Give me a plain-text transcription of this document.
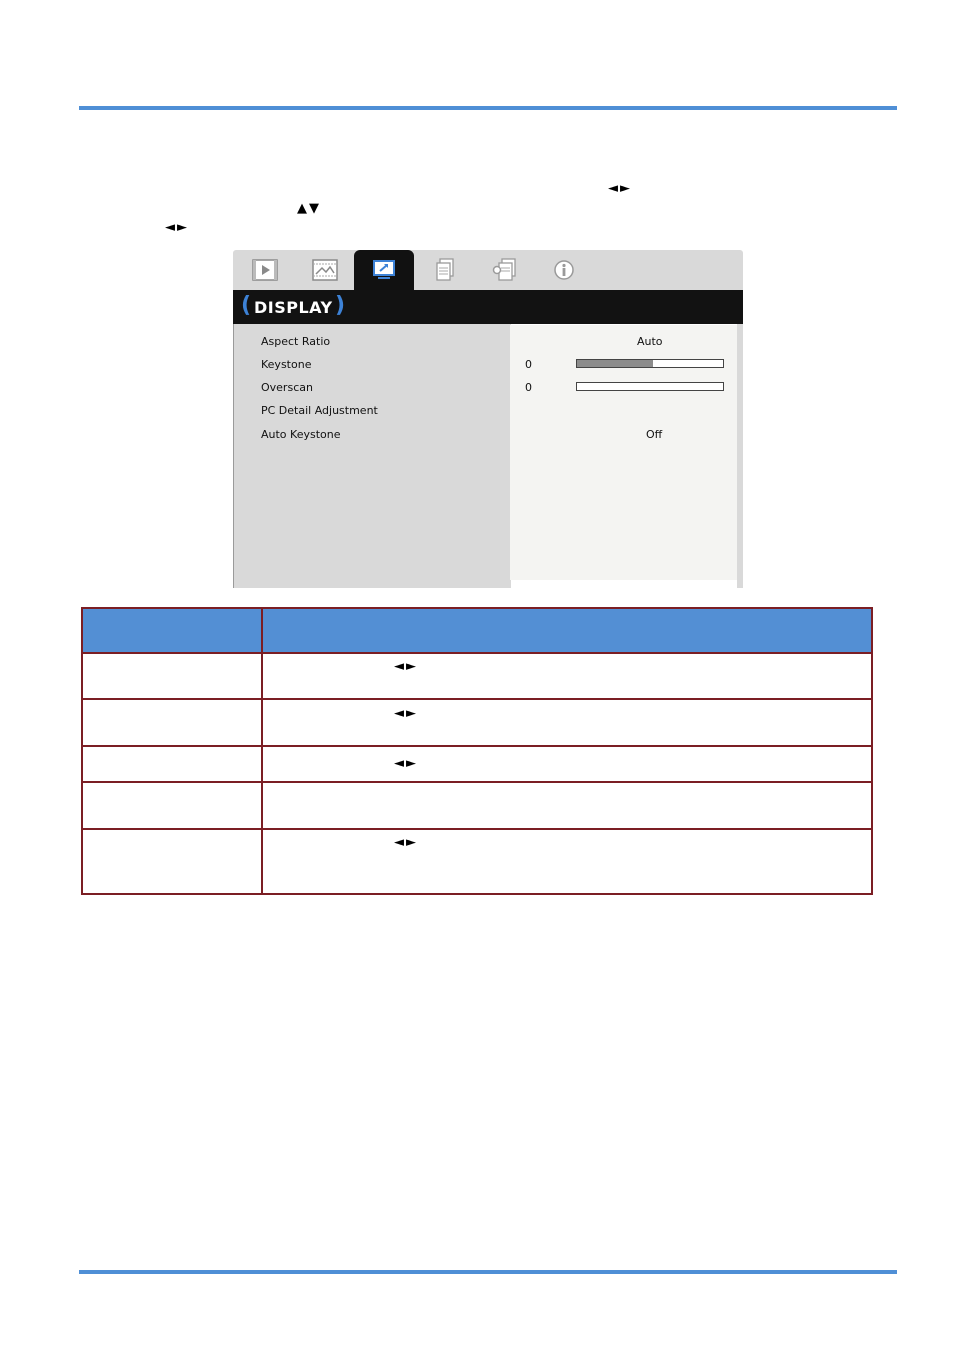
◄►
▲▼
◄►
( DISPLAY )
Aspect Ratio
Keystone
Overscan
PC Detail Adjustment
Auto Keystone
Auto
0
0
Off
◄►
◄►
◄►
◄►
